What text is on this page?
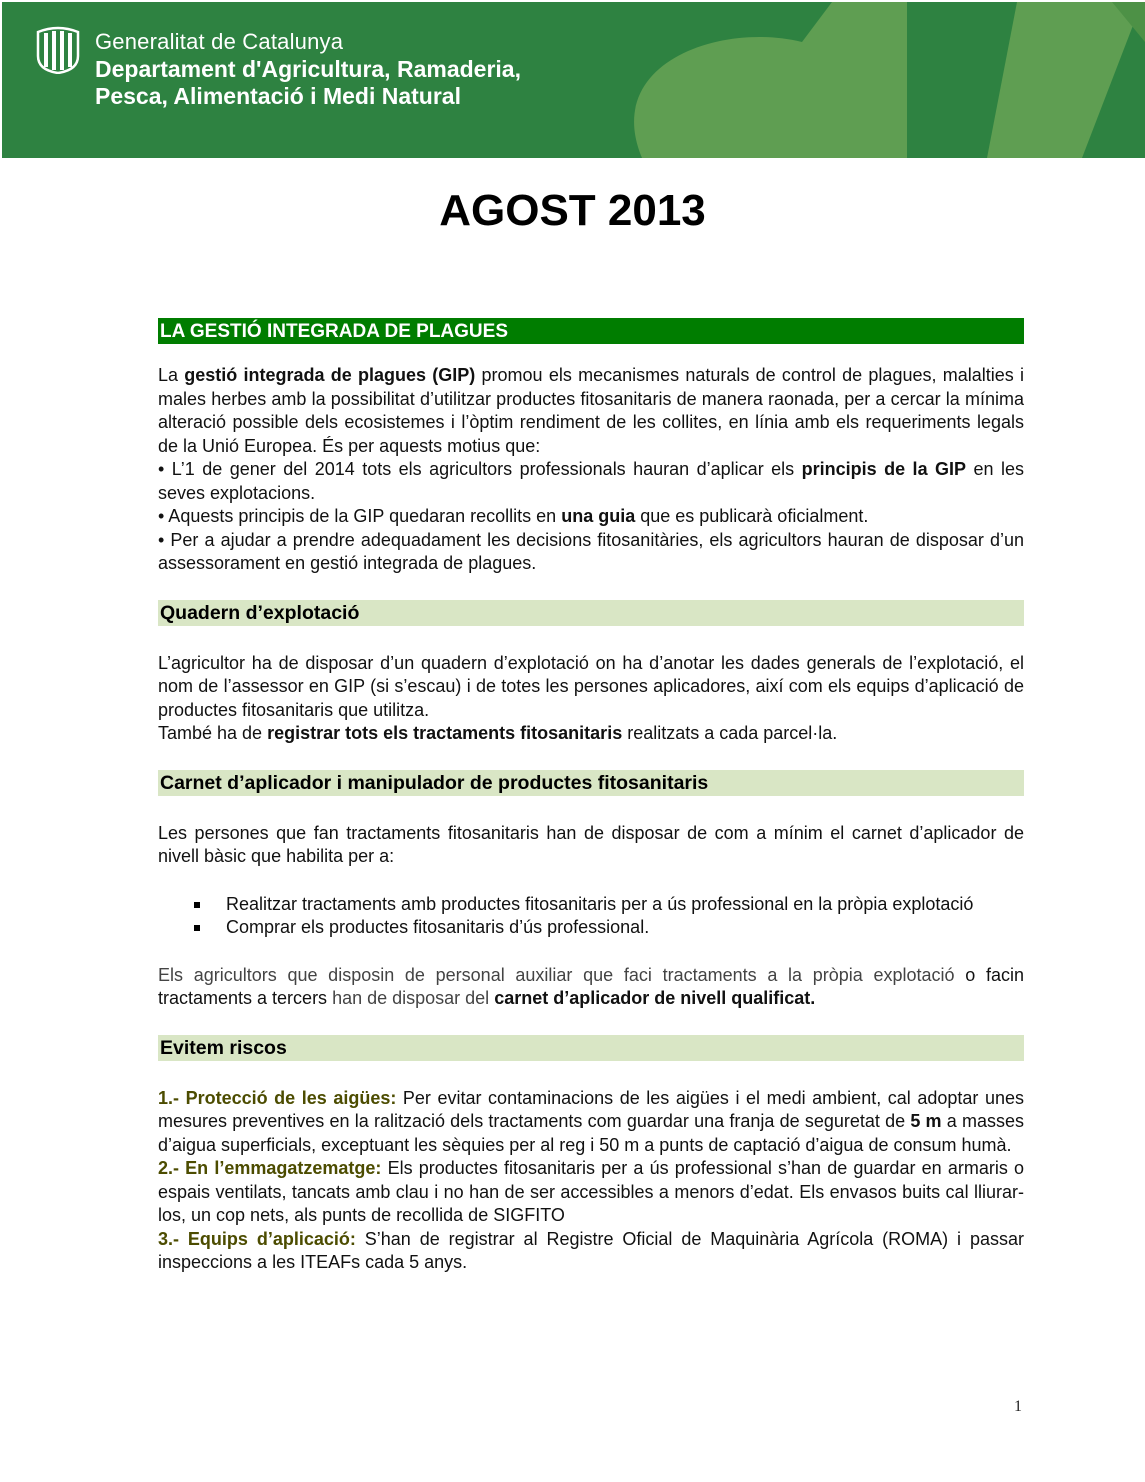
Generalitat de Catalunya
Departament d'Agricultura, Ramaderia,
Pesca, Alimentació i Medi Natural
AGOST 2013
LA GESTIÓ INTEGRADA DE PLAGUES

La gestió integrada de plagues (GIP) promou els mecanismes naturals de control de plagues, malalties i males herbes amb la possibilitat d’utilitzar productes fitosanitaris de manera raonada, per a cercar la mínima alteració possible dels ecosistemes i l’òptim rendiment de les collites, en línia amb els requeriments legals de la Unió Europea. És per aquests motius que:

• L’1 de gener del 2014 tots els agricultors professionals hauran d’aplicar els principis de la GIP en les seves explotacions.

• Aquests principis de la GIP quedaran recollits en una guia que es publicarà oficialment.

• Per a ajudar a prendre adequadament les decisions fitosanitàries, els agricultors hauran de disposar d’un assessorament en gestió integrada de plagues.

Quadern d’explotació

L’agricultor ha de disposar d’un quadern d’explotació on ha d’anotar les dades generals de l’explotació, el nom de l’assessor en GIP (si s’escau) i de totes les persones aplicadores, així com els equips d’aplicació de productes fitosanitaris que utilitza.

També ha de registrar tots els tractaments fitosanitaris realitzats a cada parcel·la.

Carnet d’aplicador i manipulador de productes fitosanitaris

Les persones que fan tractaments fitosanitaris han de disposar de com a mínim el carnet d’aplicador de nivell bàsic que habilita per a:

Realitzar tractaments amb productes fitosanitaris per a ús professional en la pròpia explotació
Comprar els productes fitosanitaris d’ús professional.

Els agricultors que disposin de personal auxiliar que faci tractaments a la pròpia explotació o facin tractaments a tercers han de disposar del carnet d’aplicador de nivell qualificat.

Evitem riscos

1.- Protecció de les aigües: Per evitar contaminacions de les aigües i el medi ambient, cal adoptar unes mesures preventives en la ralització dels tractaments com guardar una franja de seguretat de 5 m a masses d’aigua superficials, exceptuant les sèquies per al reg i 50 m a punts de captació d’aigua de consum humà.

2.- En l’emmagatzematge: Els productes fitosanitaris per a ús professional s’han de guardar en armaris o espais ventilats, tancats amb clau i no han de ser accessibles a menors d’edat. Els envasos buits cal lliurar-los, un cop nets, als punts de recollida de SIGFITO

3.- Equips d’aplicació: S’han de registrar al Registre Oficial de Maquinària Agrícola (ROMA) i passar inspeccions a les ITEAFs cada 5 anys.

1
